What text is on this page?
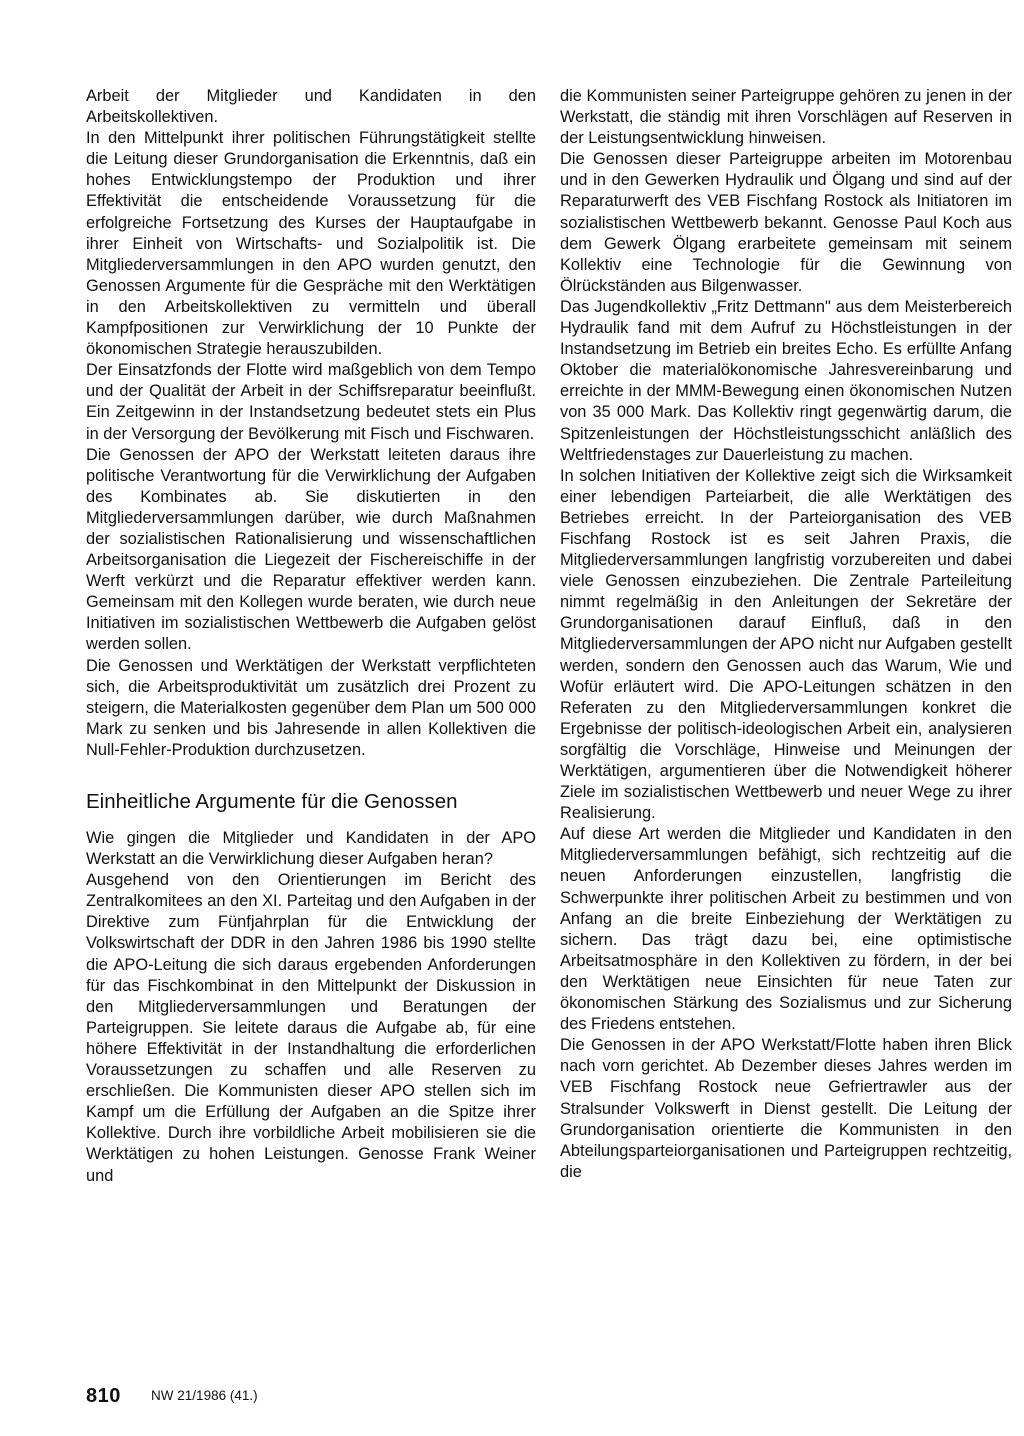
Arbeit der Mitglieder und Kandidaten in den Arbeitskollektiven.

In den Mittelpunkt ihrer politischen Führungstätigkeit stellte die Leitung dieser Grundorganisation die Erkenntnis, daß ein hohes Entwicklungstempo der Produktion und ihrer Effektivität die entscheidende Voraussetzung für die erfolgreiche Fortsetzung des Kurses der Hauptaufgabe in ihrer Einheit von Wirtschafts- und Sozialpolitik ist. Die Mitgliederversammlungen in den APO wurden genutzt, den Genossen Argumente für die Gespräche mit den Werktätigen in den Arbeitskollektiven zu vermitteln und überall Kampfpositionen zur Verwirklichung der 10 Punkte der ökonomischen Strategie herauszubilden.

Der Einsatzfonds der Flotte wird maßgeblich von dem Tempo und der Qualität der Arbeit in der Schiffsreparatur beeinflußt. Ein Zeitgewinn in der Instandsetzung bedeutet stets ein Plus in der Versorgung der Bevölkerung mit Fisch und Fischwaren.

Die Genossen der APO der Werkstatt leiteten daraus ihre politische Verantwortung für die Verwirklichung der Aufgaben des Kombinates ab. Sie diskutierten in den Mitgliederversammlungen darüber, wie durch Maßnahmen der sozialistischen Rationalisierung und wissenschaftlichen Arbeitsorganisation die Liegezeit der Fischereischiffe in der Werft verkürzt und die Reparatur effektiver werden kann. Gemeinsam mit den Kollegen wurde beraten, wie durch neue Initiativen im sozialistischen Wettbewerb die Aufgaben gelöst werden sollen.

Die Genossen und Werktätigen der Werkstatt verpflichteten sich, die Arbeitsproduktivität um zusätzlich drei Prozent zu steigern, die Materialkosten gegenüber dem Plan um 500 000 Mark zu senken und bis Jahresende in allen Kollektiven die Null-Fehler-Produktion durchzusetzen.

Einheitliche Argumente für die Genossen

Wie gingen die Mitglieder und Kandidaten in der APO Werkstatt an die Verwirklichung dieser Aufgaben heran?

Ausgehend von den Orientierungen im Bericht des Zentralkomitees an den XI. Parteitag und den Aufgaben in der Direktive zum Fünfjahrplan für die Entwicklung der Volkswirtschaft der DDR in den Jahren 1986 bis 1990 stellte die APO-Leitung die sich daraus ergebenden Anforderungen für das Fischkombinat in den Mittelpunkt der Diskussion in den Mitgliederversammlungen und Beratungen der Parteigruppen. Sie leitete daraus die Aufgabe ab, für eine höhere Effektivität in der Instandhaltung die erforderlichen Voraussetzungen zu schaffen und alle Reserven zu erschließen. Die Kommunisten dieser APO stellen sich im Kampf um die Erfüllung der Aufgaben an die Spitze ihrer Kollektive. Durch ihre vorbildliche Arbeit mobilisieren sie die Werktätigen zu hohen Leistungen. Genosse Frank Weiner und

die Kommunisten seiner Parteigruppe gehören zu jenen in der Werkstatt, die ständig mit ihren Vorschlägen auf Reserven in der Leistungsentwicklung hinweisen.

Die Genossen dieser Parteigruppe arbeiten im Motorenbau und in den Gewerken Hydraulik und Ölgang und sind auf der Reparaturwerft des VEB Fischfang Rostock als Initiatoren im sozialistischen Wettbewerb bekannt. Genosse Paul Koch aus dem Gewerk Ölgang erarbeitete gemeinsam mit seinem Kollektiv eine Technologie für die Gewinnung von Ölrückständen aus Bilgenwasser.

Das Jugendkollektiv „Fritz Dettmann" aus dem Meisterbereich Hydraulik fand mit dem Aufruf zu Höchstleistungen in der Instandsetzung im Betrieb ein breites Echo. Es erfüllte Anfang Oktober die materialökonomische Jahresvereinbarung und erreichte in der MMM-Bewegung einen ökonomischen Nutzen von 35 000 Mark. Das Kollektiv ringt gegenwärtig darum, die Spitzenleistungen der Höchstleistungsschicht anläßlich des Weltfriedenstages zur Dauerleistung zu machen.

In solchen Initiativen der Kollektive zeigt sich die Wirksamkeit einer lebendigen Parteiarbeit, die alle Werktätigen des Betriebes erreicht. In der Parteiorganisation des VEB Fischfang Rostock ist es seit Jahren Praxis, die Mitgliederversammlungen langfristig vorzubereiten und dabei viele Genossen einzubeziehen. Die Zentrale Parteileitung nimmt regelmäßig in den Anleitungen der Sekretäre der Grundorganisationen darauf Einfluß, daß in den Mitgliederversammlungen der APO nicht nur Aufgaben gestellt werden, sondern den Genossen auch das Warum, Wie und Wofür erläutert wird. Die APO-Leitungen schätzen in den Referaten zu den Mitgliederversammlungen konkret die Ergebnisse der politisch-ideologischen Arbeit ein, analysieren sorgfältig die Vorschläge, Hinweise und Meinungen der Werktätigen, argumentieren über die Notwendigkeit höherer Ziele im sozialistischen Wettbewerb und neuer Wege zu ihrer Realisierung.

Auf diese Art werden die Mitglieder und Kandidaten in den Mitgliederversammlungen befähigt, sich rechtzeitig auf die neuen Anforderungen einzustellen, langfristig die Schwerpunkte ihrer politischen Arbeit zu bestimmen und von Anfang an die breite Einbeziehung der Werktätigen zu sichern. Das trägt dazu bei, eine optimistische Arbeitsatmosphäre in den Kollektiven zu fördern, in der bei den Werktätigen neue Einsichten für neue Taten zur ökonomischen Stärkung des Sozialismus und zur Sicherung des Friedens entstehen.

Die Genossen in der APO Werkstatt/Flotte haben ihren Blick nach vorn gerichtet. Ab Dezember dieses Jahres werden im VEB Fischfang Rostock neue Gefriertrawler aus der Stralsunder Volkswerft in Dienst gestellt. Die Leitung der Grundorganisation orientierte die Kommunisten in den Abteilungsparteiorganisationen und Parteigruppen rechtzeitig, die

810 NW 21/1986 (41.)
